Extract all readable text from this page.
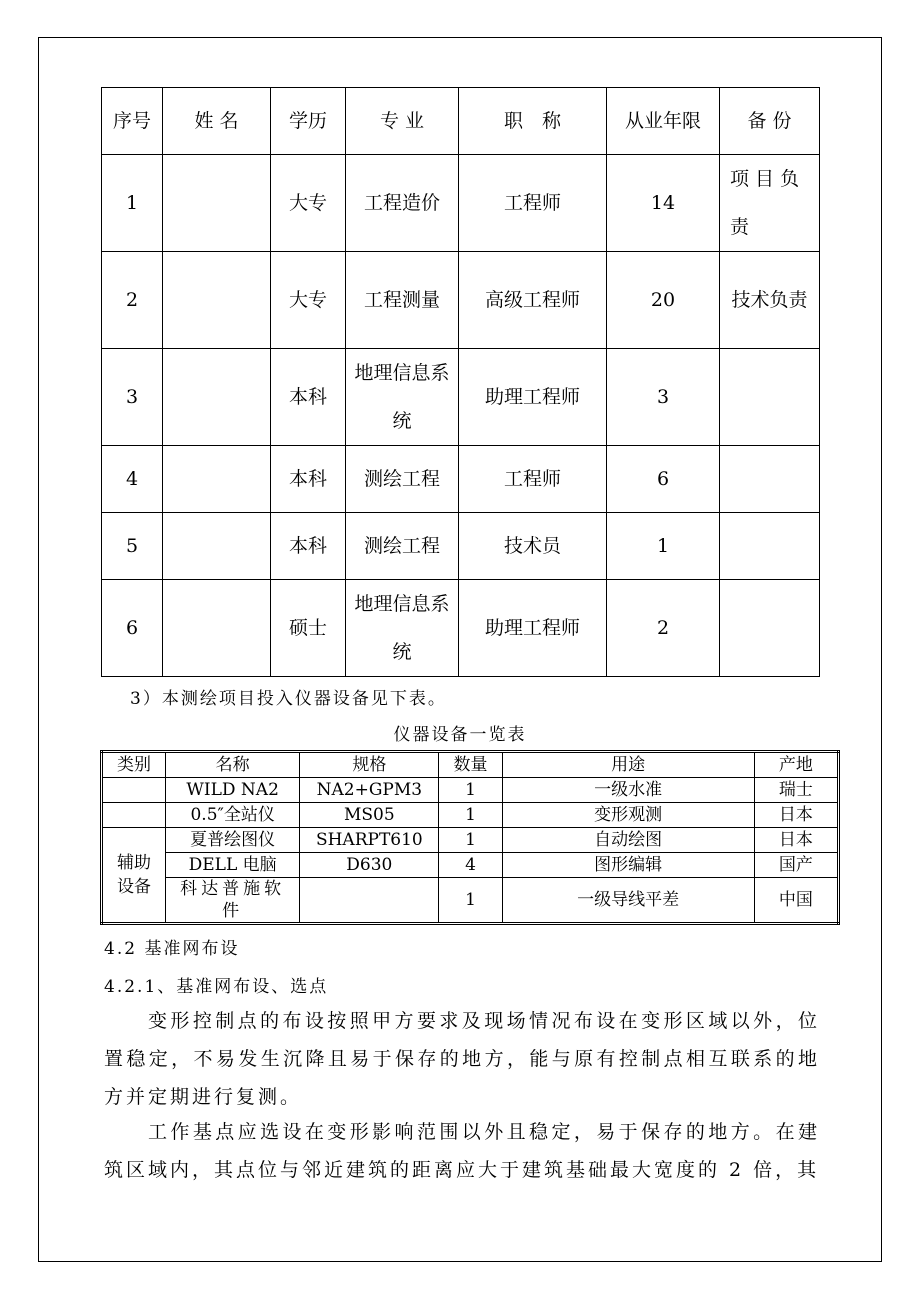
序号	姓 名	学历	专 业	职　称	从业年限	备 份
1		大专	工程造价	工程师	14	项 目 负责
2		大专	工程测量	高级工程师	20	技术负责
3		本科	地理信息系统	助理工程师	3	
4		本科	测绘工程	工程师	6	
5		本科	测绘工程	技术员	1	
6		硕士	地理信息系统	助理工程师	2	
3）本测绘项目投入仪器设备见下表。
仪器设备一览表
类别	名称	规格	数量	用途	产地
	WILD NA2	NA2+GPM3	1	一级水准	瑞士
	0.5″全站仪	MS05	1	变形观测	日本
辅助设备	夏普绘图仪	SHARPT610	1	自动绘图	日本
	DELL 电脑	D630	4	图形编辑	国产
	科达普施软件		1	一级导线平差	中国
4.2 基准网布设
4.2.1、基准网布设、选点

变形控制点的布设按照甲方要求及现场情况布设在变形区域以外，位置稳定，不易发生沉降且易于保存的地方，能与原有控制点相互联系的地方并定期进行复测。

工作基点应选设在变形影响范围以外且稳定，易于保存的地方。在建筑区域内，其点位与邻近建筑的距离应大于建筑基础最大宽度的 2 倍，其
